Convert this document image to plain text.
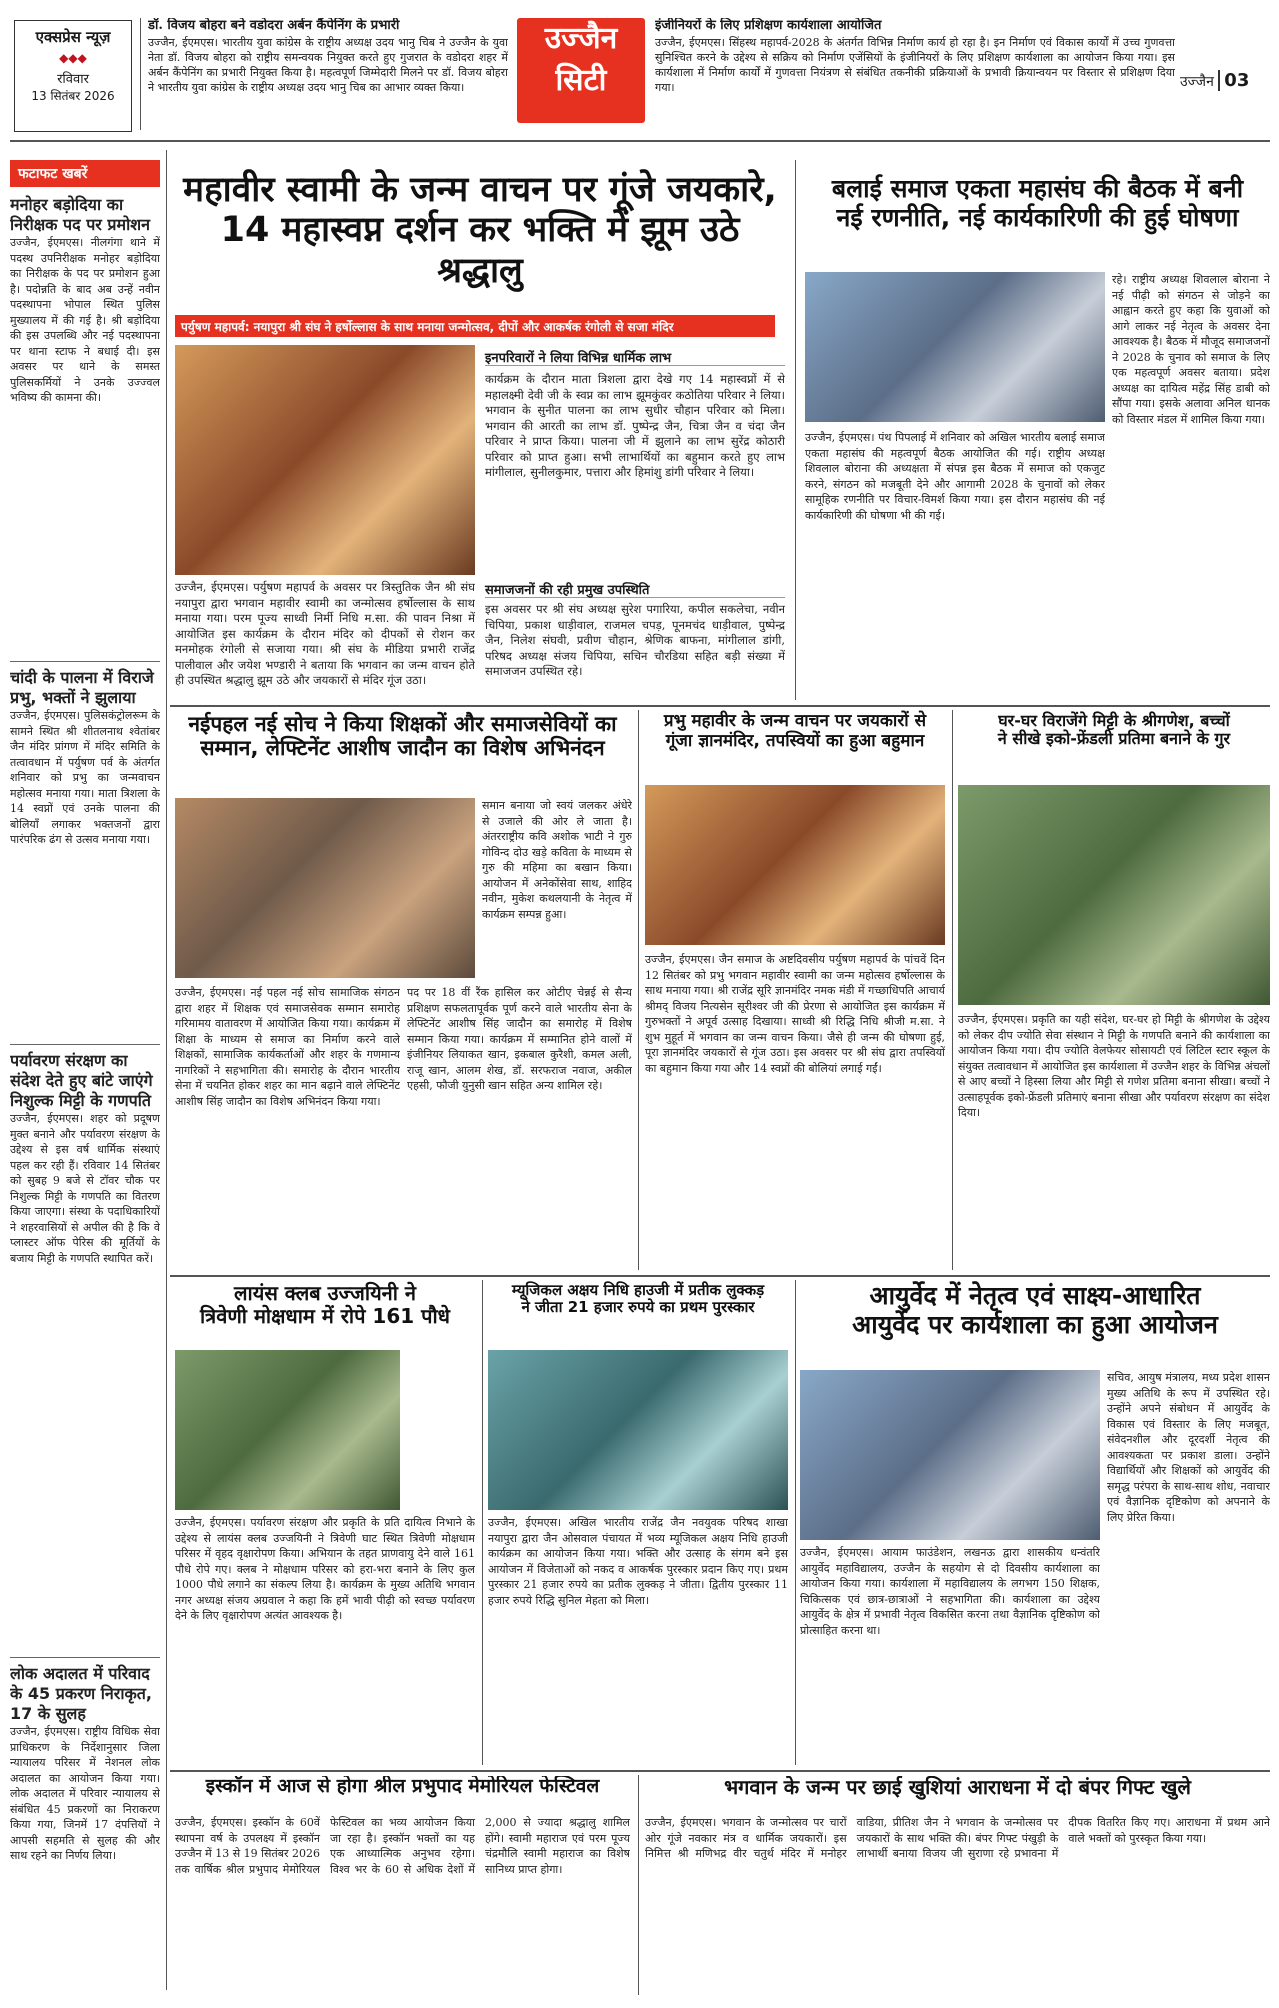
एक्सप्रेस न्यूज़
◆◆◆
रविवार
13 सितंबर 2026
डॉ. विजय बोहरा बने वडोदरा अर्बन कैंपेनिंग के प्रभारी
उज्जैन, ईएमएस। भारतीय युवा कांग्रेस के राष्ट्रीय अध्यक्ष उदय भानु चिब ने उज्जैन के युवा नेता डॉ. विजय बोहरा को राष्ट्रीय समन्वयक नियुक्त करते हुए गुजरात के वडोदरा शहर में अर्बन कैंपेनिंग का प्रभारी नियुक्त किया है। महत्वपूर्ण जिम्मेदारी मिलने पर डॉ. विजय बोहरा ने भारतीय युवा कांग्रेस के राष्ट्रीय अध्यक्ष उदय भानु चिब का आभार व्यक्त किया।
उज्जैन
सिटी
इंजीनियरों के लिए प्रशिक्षण कार्यशाला आयोजित
उज्जैन, ईएमएस। सिंहस्थ महापर्व-2028 के अंतर्गत विभिन्न निर्माण कार्य हो रहा है। इन निर्माण एवं विकास कार्यों में उच्च गुणवत्ता सुनिश्चित करने के उद्देश्य से सक्रिय को निर्माण एजेंसियों के इंजीनियरों के लिए प्रशिक्षण कार्यशाला का आयोजन किया गया। इस कार्यशाला में निर्माण कार्यों में गुणवत्ता नियंत्रण से संबंधित तकनीकी प्रक्रियाओं के प्रभावी क्रियान्वयन पर विस्तार से प्रशिक्षण दिया गया।	उज्जैन 03
फटाफट खबरें
मनोहर बड़ोदिया का निरीक्षक पद पर प्रमोशन
उज्जैन, ईएमएस। नीलगंगा थाने में पदस्थ उपनिरीक्षक मनोहर बड़ोदिया का निरीक्षक के पद पर प्रमोशन हुआ है। पदोन्नति के बाद अब उन्हें नवीन पदस्थापना भोपाल स्थित पुलिस मुख्यालय में की गई है। श्री बड़ोदिया की इस उपलब्धि और नई पदस्थापना पर थाना स्टाफ ने बधाई दी। इस अवसर पर थाने के समस्त पुलिसकर्मियों ने उनके उज्ज्वल भविष्य की कामना की।
चांदी के पालना में विराजे प्रभु, भक्तों ने झुलाया
उज्जैन, ईएमएस। पुलिसकंट्रोलरूम के सामने स्थित श्री शीतलनाथ श्वेतांबर जैन मंदिर प्रांगण में मंदिर समिति के तत्वावधान में पर्युषण पर्व के अंतर्गत शनिवार को प्रभु का जन्मवाचन महोत्सव मनाया गया। माता त्रिशला के 14 स्वप्नों एवं उनके पालना की बोलियाँ लगाकर भक्तजनों द्वारा पारंपरिक ढंग से उत्सव मनाया गया।
पर्यावरण संरक्षण का संदेश देते हुए बांटे जाएंगे निशुल्क मिट्टी के गणपति
उज्जैन, ईएमएस। शहर को प्रदूषण मुक्त बनाने और पर्यावरण संरक्षण के उद्देश्य से इस वर्ष धार्मिक संस्थाएं पहल कर रही हैं। रविवार 14 सितंबर को सुबह 9 बजे से टॉवर चौक पर निशुल्क मिट्टी के गणपति का वितरण किया जाएगा। संस्था के पदाधिकारियों ने शहरवासियों से अपील की है कि वे प्लास्टर ऑफ पेरिस की मूर्तियों के बजाय मिट्टी के गणपति स्थापित करें।
लोक अदालत में परिवाद के 45 प्रकरण निराकृत, 17 के सुलह
उज्जैन, ईएमएस। राष्ट्रीय विधिक सेवा प्राधिकरण के निर्देशानुसार जिला न्यायालय परिसर में नेशनल लोक अदालत का आयोजन किया गया। लोक अदालत में परिवार न्यायालय से संबंधित 45 प्रकरणों का निराकरण किया गया, जिनमें 17 दंपत्तियों ने आपसी सहमति से सुलह की और साथ रहने का निर्णय लिया।
महावीर स्वामी के जन्म वाचन पर गूंजे जयकारे,
14 महास्वप्न दर्शन कर भक्ति में झूम उठे श्रद्धालु
पर्युषण महापर्व: नयापुरा श्री संघ ने हर्षोल्लास के साथ मनाया जन्मोत्सव, दीपों और आकर्षक रंगोली से सजा मंदिर
इनपरिवारों ने लिया विभिन्न धार्मिक लाभ
कार्यक्रम के दौरान माता त्रिशला द्वारा देखे गए 14 महास्वप्नों में से महालक्ष्मी देवी जी के स्वप्न का लाभ झूमकुंवर कठोतिया परिवार ने लिया। भगवान के सुनीत पालना का लाभ सुधीर चौहान परिवार को मिला। भगवान की आरती का लाभ डॉ. पुष्पेन्द्र जैन, चित्रा जैन व चंदा जैन परिवार ने प्राप्त किया। पालना जी में झुलाने का लाभ सुरेंद्र कोठारी परिवार को प्राप्त हुआ। सभी लाभार्थियों का बहुमान करते हुए लाभ मांगीलाल, सुनीलकुमार, पत्तारा और हिमांशु डांगी परिवार ने लिया।
उज्जैन, ईएमएस। पर्युषण महापर्व के अवसर पर त्रिस्तुतिक जैन श्री संघ नयापुरा द्वारा भगवान महावीर स्वामी का जन्मोत्सव हर्षोल्लास के साथ मनाया गया। परम पूज्य साध्वी निर्मी निधि म.सा. की पावन निश्रा में आयोजित इस कार्यक्रम के दौरान मंदिर को दीपकों से रोशन कर मनमोहक रंगोली से सजाया गया। श्री संघ के मीडिया प्रभारी राजेंद्र पालीवाल और जयेश भण्डारी ने बताया कि भगवान का जन्म वाचन होते ही उपस्थित श्रद्धालु झूम उठे और जयकारों से मंदिर गूंज उठा।
समाजजनों की रही प्रमुख उपस्थिति
इस अवसर पर श्री संघ अध्यक्ष सुरेश पगारिया, कपील सकलेचा, नवीन चिपिया, प्रकाश धाड़ीवाल, राजमल चपड़, पूनमचंद धाड़ीवाल, पुष्पेन्द्र जैन, निलेश संघवी, प्रवीण चौहान, श्रेणिक बाफना, मांगीलाल डांगी, परिषद अध्यक्ष संजय चिपिया, सचिन चौरडिया सहित बड़ी संख्या में समाजजन उपस्थित रहे।
बलाई समाज एकता महासंघ की बैठक में बनी
नई रणनीति, नई कार्यकारिणी की हुई घोषणा
रहे। राष्ट्रीय अध्यक्ष शिवलाल बोराना ने नई पीढ़ी को संगठन से जोड़ने का आह्वान करते हुए कहा कि युवाओं को आगे लाकर नई नेतृत्व के अवसर देना आवश्यक है। बैठक में मौजूद समाजजनों ने 2028 के चुनाव को समाज के लिए एक महत्वपूर्ण अवसर बताया। प्रदेश अध्यक्ष का दायित्व महेंद्र सिंह डाबी को सौंपा गया। इसके अलावा अनिल धानक को विस्तार मंडल में शामिल किया गया।
उज्जैन, ईएमएस। पंथ पिपलाई में शनिवार को अखिल भारतीय बलाई समाज एकता महासंघ की महत्वपूर्ण बैठक आयोजित की गई। राष्ट्रीय अध्यक्ष शिवलाल बोराना की अध्यक्षता में संपन्न इस बैठक में समाज को एकजुट करने, संगठन को मजबूती देने और आगामी 2028 के चुनावों को लेकर सामूहिक रणनीति पर विचार-विमर्श किया गया। इस दौरान महासंघ की नई कार्यकारिणी की घोषणा भी की गई।
नईपहल नई सोच ने किया शिक्षकों और समाजसेवियों का
सम्मान, लेफ्टिनेंट आशीष जादौन का विशेष अभिनंदन
समान बनाया जो स्वयं जलकर अंधेरे से उजाले की ओर ले जाता है। अंतरराष्ट्रीय कवि अशोक भाटी ने गुरु गोविन्द दोउ खड़े कविता के माध्यम से गुरु की महिमा का बखान किया। आयोजन में अनेकोंसेवा साथ, शाहिद नवीन, मुकेश कथलयानी के नेतृत्व में कार्यक्रम सम्पन्न हुआ।
उज्जैन, ईएमएस। नई पहल नई सोच सामाजिक संगठन द्वारा शहर में शिक्षक एवं समाजसेवक सम्मान समारोह गरिमामय वातावरण में आयोजित किया गया। कार्यक्रम में शिक्षा के माध्यम से समाज का निर्माण करने वाले शिक्षकों, सामाजिक कार्यकर्ताओं और शहर के गणमान्य नागरिकों ने सहभागिता की। समारोह के दौरान भारतीय सेना में चयनित होकर शहर का मान बढ़ाने वाले लेफ्टिनेंट आशीष सिंह जादौन का विशेष अभिनंदन किया गया।
पद पर 18 वीं रैंक हासिल कर ओटीए चेन्नई से सैन्य प्रशिक्षण सफलतापूर्वक पूर्ण करने वाले भारतीय सेना के लेफ्टिनेंट आशीष सिंह जादौन का समारोह में विशेष सम्मान किया गया। कार्यक्रम में सम्मानित होने वालों में इंजीनियर लियाकत खान, इकबाल कुरैशी, कमल अली, राजू खान, आलम शेख, डॉ. सरफराज नवाज, अकील एहसी, फौजी युनुसी खान सहित अन्य शामिल रहे।
प्रभु महावीर के जन्म वाचन पर जयकारों से
गूंजा ज्ञानमंदिर, तपस्वियों का हुआ बहुमान
उज्जैन, ईएमएस। जैन समाज के अष्टदिवसीय पर्युषण महापर्व के पांचवें दिन 12 सितंबर को प्रभु भगवान महावीर स्वामी का जन्म महोत्सव हर्षोल्लास के साथ मनाया गया। श्री राजेंद्र सूरि ज्ञानमंदिर नमक मंडी में गच्छाधिपति आचार्य श्रीमद् विजय नित्यसेन सूरीश्वर जी की प्रेरणा से आयोजित इस कार्यक्रम में गुरुभक्तों ने अपूर्व उत्साह दिखाया। साध्वी श्री रिद्धि निधि श्रीजी म.सा. ने शुभ मुहूर्त में भगवान का जन्म वाचन किया। जैसे ही जन्म की घोषणा हुई, पूरा ज्ञानमंदिर जयकारों से गूंज उठा। इस अवसर पर श्री संघ द्वारा तपस्वियों का बहुमान किया गया और 14 स्वप्नों की बोलियां लगाई गईं।
घर-घर विराजेंगे मिट्टी के श्रीगणेश, बच्चों
ने सीखे इको-फ्रेंडली प्रतिमा बनाने के गुर
उज्जैन, ईएमएस। प्रकृति का यही संदेश, घर-घर हो मिट्टी के श्रीगणेश के उद्देश्य को लेकर दीप ज्योति सेवा संस्थान ने मिट्टी के गणपति बनाने की कार्यशाला का आयोजन किया गया। दीप ज्योति वेलफेयर सोसायटी एवं लिटिल स्टार स्कूल के संयुक्त तत्वावधान में आयोजित इस कार्यशाला में उज्जैन शहर के विभिन्न अंचलों से आए बच्चों ने हिस्सा लिया और मिट्टी से गणेश प्रतिमा बनाना सीखा। बच्चों ने उत्साहपूर्वक इको-फ्रेंडली प्रतिमाएं बनाना सीखा और पर्यावरण संरक्षण का संदेश दिया।
लायंस क्लब उज्जयिनी ने
त्रिवेणी मोक्षधाम में रोपे 161 पौधे
उज्जैन, ईएमएस। पर्यावरण संरक्षण और प्रकृति के प्रति दायित्व निभाने के उद्देश्य से लायंस क्लब उज्जयिनी ने त्रिवेणी घाट स्थित त्रिवेणी मोक्षधाम परिसर में वृहद वृक्षारोपण किया। अभियान के तहत प्राणवायु देने वाले 161 पौधे रोपे गए। क्लब ने मोक्षधाम परिसर को हरा-भरा बनाने के लिए कुल 1000 पौधे लगाने का संकल्प लिया है। कार्यक्रम के मुख्य अतिथि भगवान नगर अध्यक्ष संजय अग्रवाल ने कहा कि हमें भावी पीढ़ी को स्वच्छ पर्यावरण देने के लिए वृक्षारोपण अत्यंत आवश्यक है।
म्यूजिकल अक्षय निधि हाउजी में प्रतीक लुक्कड़
ने जीता 21 हजार रुपये का प्रथम पुरस्कार
उज्जैन, ईएमएस। अखिल भारतीय राजेंद्र जैन नवयुवक परिषद शाखा नयापुरा द्वारा जैन ओसवाल पंचायत में भव्य म्यूजिकल अक्षय निधि हाउजी कार्यक्रम का आयोजन किया गया। भक्ति और उत्साह के संगम बने इस आयोजन में विजेताओं को नकद व आकर्षक पुरस्कार प्रदान किए गए। प्रथम पुरस्कार 21 हजार रुपये का प्रतीक लुक्कड़ ने जीता। द्वितीय पुरस्कार 11 हजार रुपये रिद्धि सुनिल मेहता को मिला।
आयुर्वेद में नेतृत्व एवं साक्ष्य-आधारित
आयुर्वेद पर कार्यशाला का हुआ आयोजन
सचिव, आयुष मंत्रालय, मध्य प्रदेश शासन मुख्य अतिथि के रूप में उपस्थित रहे। उन्होंने अपने संबोधन में आयुर्वेद के विकास एवं विस्तार के लिए मजबूत, संवेदनशील और दूरदर्शी नेतृत्व की आवश्यकता पर प्रकाश डाला। उन्होंने विद्यार्थियों और शिक्षकों को आयुर्वेद की समृद्ध परंपरा के साथ-साथ शोध, नवाचार एवं वैज्ञानिक दृष्टिकोण को अपनाने के लिए प्रेरित किया।
उज्जैन, ईएमएस। आयाम फाउंडेशन, लखनऊ द्वारा शासकीय धन्वंतरि आयुर्वेद महाविद्यालय, उज्जैन के सहयोग से दो दिवसीय कार्यशाला का आयोजन किया गया। कार्यशाला में महाविद्यालय के लगभग 150 शिक्षक, चिकित्सक एवं छात्र-छात्राओं ने सहभागिता की। कार्यशाला का उद्देश्य आयुर्वेद के क्षेत्र में प्रभावी नेतृत्व विकसित करना तथा वैज्ञानिक दृष्टिकोण को प्रोत्साहित करना था।
इस्कॉन में आज से होगा श्रील प्रभुपाद मेमोरियल फेस्टिवल
उज्जैन, ईएमएस। इस्कॉन के 60वें स्थापना वर्ष के उपलक्ष्य में इस्कॉन उज्जैन में 13 से 19 सितंबर 2026 तक वार्षिक श्रील प्रभुपाद मेमोरियल फेस्टिवल का भव्य आयोजन किया जा रहा है। इस्कॉन भक्तों का यह एक आध्यात्मिक अनुभव रहेगा। विश्व भर के 60 से अधिक देशों में 2,000 से ज्यादा श्रद्धालु शामिल होंगे। स्वामी महाराज एवं परम पूज्य चंद्रमौलि स्वामी महाराज का विशेष सानिध्य प्राप्त होगा।
भगवान के जन्म पर छाई खुशियां आराधना में दो बंपर गिफ्ट खुले
उज्जैन, ईएमएस। भगवान के जन्मोत्सव पर चारों ओर गूंजे नवकार मंत्र व धार्मिक जयकारों। इस निमित्त श्री मणिभद्र वीर चतुर्थ मंदिर में मनोहर वाडिया, प्रीतिश जैन ने भगवान के जन्मोत्सव पर जयकारों के साथ भक्ति की। बंपर गिफ्ट पंखुड़ी के लाभार्थी बनाया विजय जी सुराणा रहे प्रभावना में दीपक वितरित किए गए। आराधना में प्रथम आने वाले भक्तों को पुरस्कृत किया गया।
